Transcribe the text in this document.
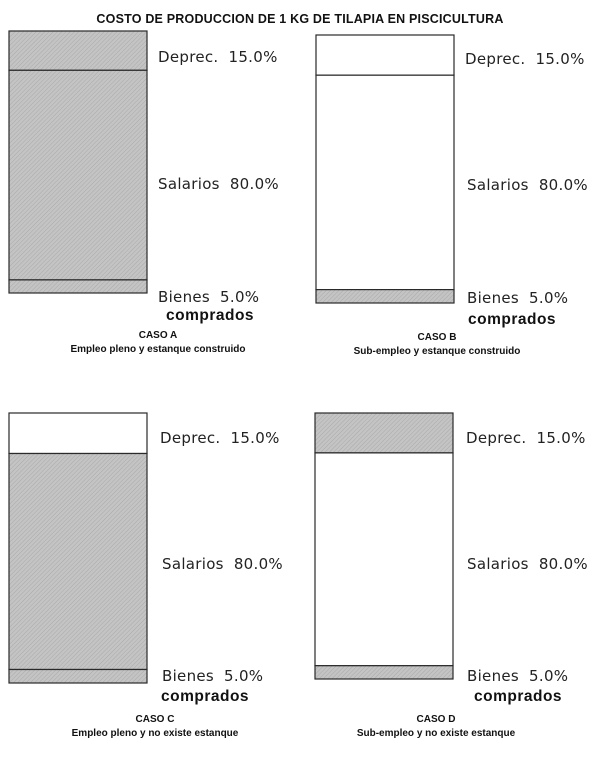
COSTO DE PRODUCCION DE 1 KG DE TILAPIA EN PISCICULTURA
Deprec. 15.0%
Salarios 80.0%
Bienes 5.0%
comprados
CASO A
Empleo pleno y estanque construido
Deprec. 15.0%
Salarios 80.0%
Bienes 5.0%
comprados
CASO B
Sub-empleo y estanque construido
Deprec. 15.0%
Salarios 80.0%
Bienes 5.0%
comprados
CASO C
Empleo pleno y no existe estanque
Deprec. 15.0%
Salarios 80.0%
Bienes 5.0%
comprados
CASO D
Sub-empleo y no existe estanque
